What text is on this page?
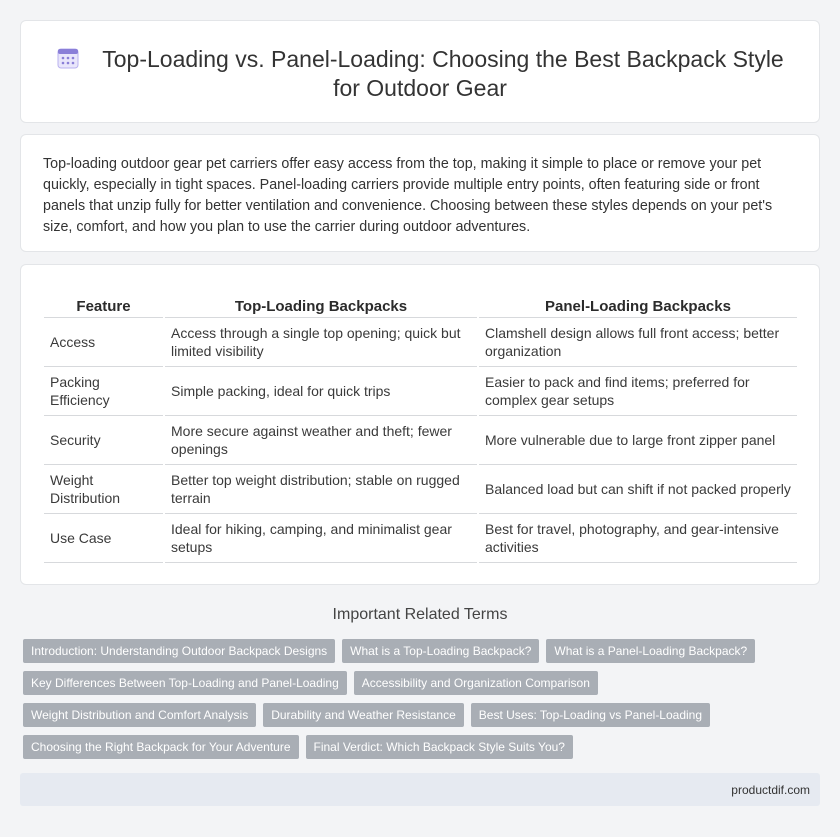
Top-Loading vs. Panel-Loading: Choosing the Best Backpack Style
for Outdoor Gear

Top-loading outdoor gear pet carriers offer easy access from the top, making it simple to place or remove your pet quickly, especially in tight spaces. Panel-loading carriers provide multiple entry points, often featuring side or front panels that unzip fully for better ventilation and convenience. Choosing between these styles depends on your pet's size, comfort, and how you plan to use the carrier during outdoor adventures.

Feature	Top-Loading Backpacks	Panel-Loading Backpacks
Access	Access through a single top opening; quick but limited visibility	Clamshell design allows full front access; better organization
Packing Efficiency	Simple packing, ideal for quick trips	Easier to pack and find items; preferred for complex gear setups
Security	More secure against weather and theft; fewer openings	More vulnerable due to large front zipper panel
Weight Distribution	Better top weight distribution; stable on rugged terrain	Balanced load but can shift if not packed properly
Use Case	Ideal for hiking, camping, and minimalist gear setups	Best for travel, photography, and gear-intensive activities
Important Related Terms
Introduction: Understanding Outdoor Backpack Designs	What is a Top-Loading Backpack?	What is a Panel-Loading Backpack?
Key Differences Between Top-Loading and Panel-Loading	Accessibility and Organization Comparison
Weight Distribution and Comfort Analysis	Durability and Weather Resistance	Best Uses: Top-Loading vs Panel-Loading
Choosing the Right Backpack for Your Adventure	Final Verdict: Which Backpack Style Suits You?
productdif.com
